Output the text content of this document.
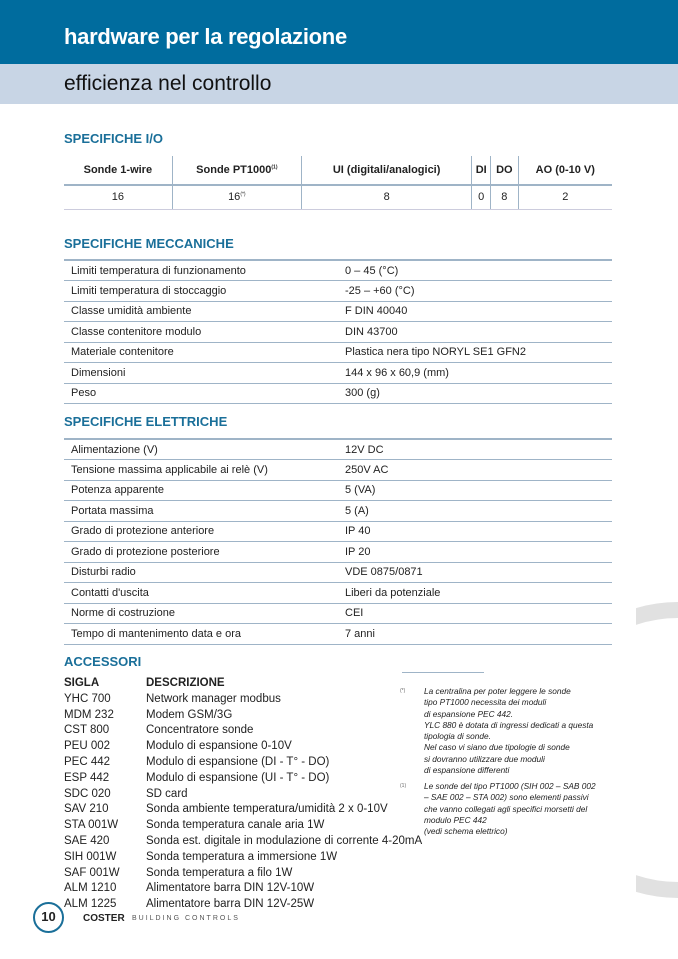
hardware per la regolazione
efficienza nel controllo
SPECIFICHE I/O
Sonde 1-wire	Sonde PT1000$^{(1)}$	UI (digitali/analogici)	DI	DO	AO (0-10 V)
16	16(*)	8	0	8	2
SPECIFICHE MECCANICHE
Limiti temperatura di funzionamento	0 – 45 (°C)
Limiti temperatura di stoccaggio	-25 – +60 (°C)
Classe umidità ambiente	F DIN 40040
Classe contenitore modulo	DIN 43700
Materiale contenitore	Plastica nera tipo NORYL SE1 GFN2
Dimensioni	144 x 96 x 60,9 (mm)
Peso	300 (g)
SPECIFICHE ELETTRICHE
Alimentazione (V)	12V DC
Tensione massima applicabile ai relè (V)	250V AC
Potenza apparente	5 (VA)
Portata massima	5 (A)
Grado di protezione anteriore	IP 40
Grado di protezione posteriore	IP 20
Disturbi radio	VDE 0875/0871
Contatti d'uscita	Liberi da potenziale
Norme di costruzione	CEI
Tempo di mantenimento data e ora	7 anni
ACCESSORI
SIGLA	DESCRIZIONE
YHC 700	Network manager modbus
MDM 232	Modem GSM/3G
CST 800	Concentratore sonde
PEU 002	Modulo di espansione 0-10V
PEC 442	Modulo di espansione (DI - T° - DO)
ESP 442	Modulo di espansione (UI - T° - DO)
SDC 020	SD card
SAV 210	Sonda ambiente temperatura/umidità 2 x 0-10V
STA 001W	Sonda temperatura canale aria 1W
SAE 420	Sonda est. digitale in modulazione di corrente 4-20mA
SIH 001W	Sonda temperatura a immersione 1W
SAF 001W	Sonda temperatura a filo 1W
ALM 1210	Alimentatore barra DIN 12V-10W
ALM 1225	Alimentatore barra DIN 12V-25W
(*)	La centralina per poter leggere le sonde
tipo PT1000 necessita dei moduli
di espansione PEC 442.
YLC 880 è dotata di ingressi dedicati a questa
tipologia di sonde.
Nel caso vi siano due tipologie di sonde
si dovranno utilizzare due moduli
di espansione differenti
(1)	Le sonde del tipo PT1000 (SIH 002 – SAB 002
– SAE 002 – STA 002) sono elementi passivi
che vanno collegati agli specifici morsetti del
modulo PEC 442
(vedi schema elettrico)
10	COSTER BUILDING CONTROLS
